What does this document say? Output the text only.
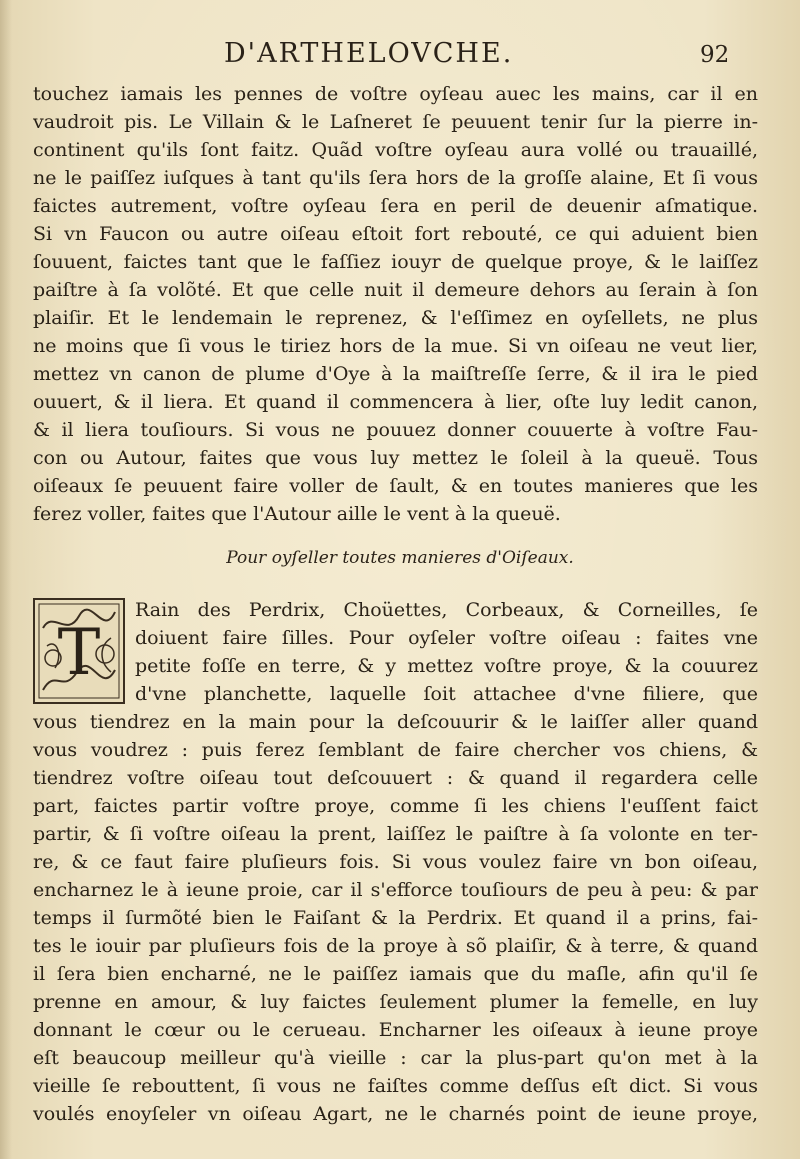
D'ARTHELOVCHE.	92
touchez iamais les pennes de voſtre oyſeau auec les mains, car il en
vaudroit pis. Le Villain & le Laſneret ſe peuuent tenir ſur la pierre in-
continent qu'ils ſont faitz. Quãd voſtre oyſeau aura vollé ou trauaillé,
ne le paiſſez iuſques à tant qu'ils ſera hors de la groſſe alaine, Et ſi vous
faictes autrement, voſtre oyſeau ſera en peril de deuenir aſmatique.
Si vn Faucon ou autre oiſeau eſtoit fort rebouté, ce qui aduient bien
ſouuent, faictes tant que le faſſiez iouyr de quelque proye, & le laiſſez
paiſtre à ſa volõté. Et que celle nuit il demeure dehors au ſerain à ſon
plaiſir. Et le lendemain le reprenez, & l'eſſimez en oyſellets, ne plus
ne moins que ſi vous le tiriez hors de la mue. Si vn oiſeau ne veut lier,
mettez vn canon de plume d'Oye à la maiſtreſſe ſerre, & il ira le pied
ouuert, & il liera. Et quand il commencera à lier, oſte luy ledit canon,
& il liera touſiours. Si vous ne pouuez donner couuerte à voſtre Fau-
con ou Autour, faites que vous luy mettez le ſoleil à la queuë. Tous
oiſeaux ſe peuuent faire voller de ſault, & en toutes manieres que les
ferez voller, faites que l'Autour aille le vent à la queuë.
Pour oyſeller toutes manieres d'Oiſeaux.
T
Rain des Perdrix, Choüettes, Corbeaux, & Corneilles, ſe
doiuent faire ſilles. Pour oyſeler voſtre oiſeau : faites vne
petite foſſe en terre, & y mettez voſtre proye, & la couurez
d'vne planchette, laquelle ſoit attachee d'vne filiere, que
vous tiendrez en la main pour la deſcouurir & le laiſſer aller quand
vous voudrez : puis ferez ſemblant de faire chercher vos chiens, &
tiendrez voſtre oiſeau tout deſcouuert : & quand il regardera celle
part, faictes partir voſtre proye, comme ſi les chiens l'euſſent faict
partir, & ſi voſtre oiſeau la prent, laiſſez le paiſtre à ſa volonte en ter-
re, & ce faut faire pluſieurs fois. Si vous voulez faire vn bon oiſeau,
encharnez le à ieune proie, car il s'efforce touſiours de peu à peu: & par
temps il ſurmõté bien le Faiſant & la Perdrix. Et quand il a prins, fai-
tes le iouir par pluſieurs fois de la proye à sõ plaiſir, & à terre, & quand
il ſera bien encharné, ne le paiſſez iamais que du maſle, afin qu'il ſe
prenne en amour, & luy faictes ſeulement plumer la femelle, en luy
donnant le cœur ou le cerueau. Encharner les oiſeaux à ieune proye
eſt beaucoup meilleur qu'à vieille : car la plus-part qu'on met à la
vieille ſe rebouttent, ſi vous ne faiſtes comme deſſus eſt dict. Si vous
voulés enoyſeler vn oiſeau Agart, ne le charnés point de ieune proye,
